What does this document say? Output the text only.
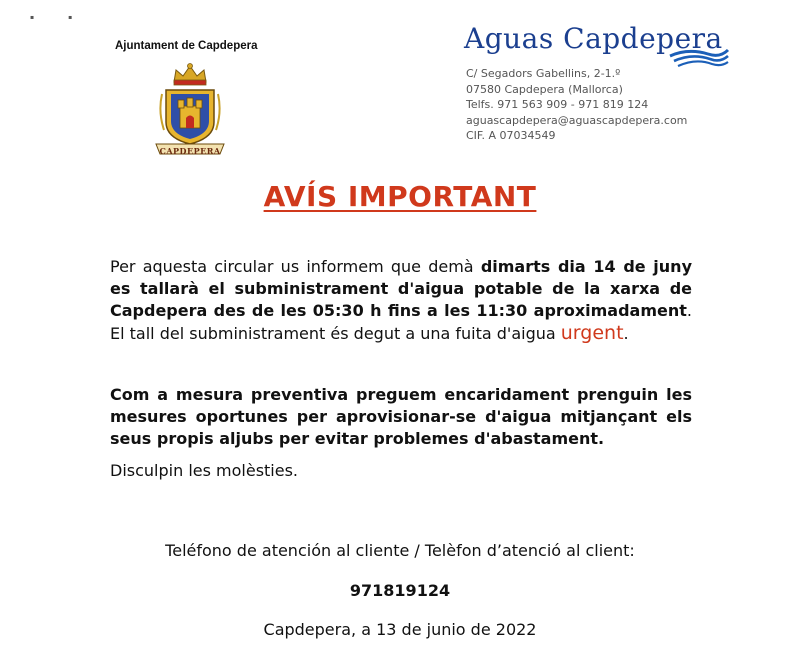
▪	▪
Ajuntament de Capdepera
CAPDEPERA
Aguas Capdepera
C/ Segadors Gabellins, 2-1.º
07580 Capdepera (Mallorca)
Telfs. 971 563 909 - 971 819 124
aguascapdepera@aguascapdepera.com
CIF. A 07034549
AVÍS IMPORTANT
Per aquesta circular us informem que demà dimarts dia 14 de juny es tallarà el subministrament d'aigua potable de la xarxa de Capdepera des de les 05:30 h fins a les 11:30 aproximadament. El tall del subministrament és degut a una fuita d'aigua urgent.
Com a mesura preventiva preguem encaridament prenguin les mesures oportunes per aprovisionar-se d'aigua mitjançant els seus propis aljubs per evitar problemes d'abastament.
Disculpin les molèsties.
Teléfono de atención al cliente / Telèfon d’atenció al client:
971819124
Capdepera, a 13 de junio de 2022
